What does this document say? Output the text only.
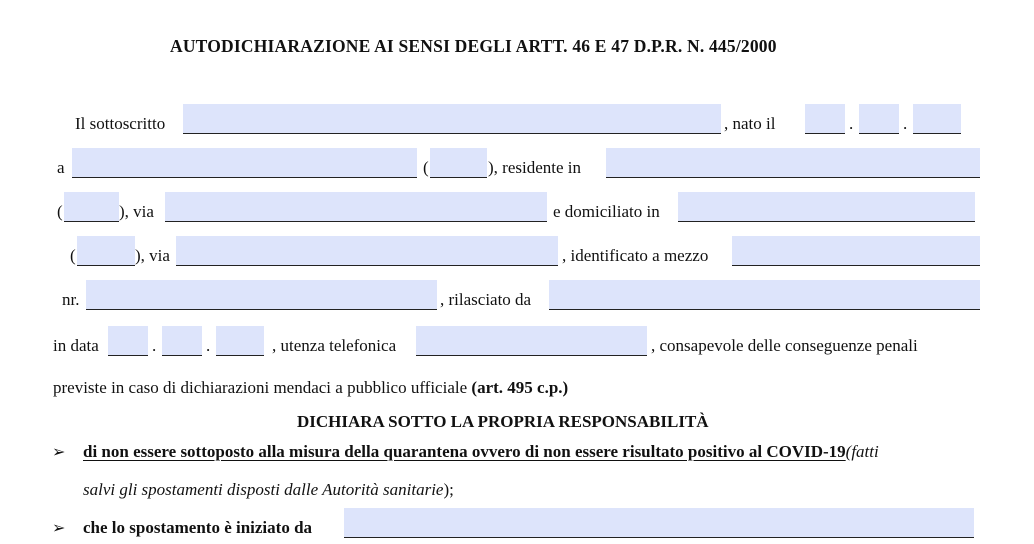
AUTODICHIARAZIONE AI SENSI DEGLI ARTT. 46 E 47 D.P.R. N. 445/2000
Il sottoscritto	, nato il	.	.
a	(	), residente in
(	), via	e domiciliato in
(	), via	, identificato a mezzo
nr.	, rilasciato da
in data	.	.	, utenza telefonica	, consapevole delle conseguenze penali
previste in caso di dichiarazioni mendaci a pubblico ufficiale (art. 495 c.p.)
DICHIARA SOTTO LA PROPRIA RESPONSABILITÀ
➢ di non essere sottoposto alla misura della quarantena ovvero di non essere risultato positivo al COVID-19(fatti
salvi gli spostamenti disposti dalle Autorità sanitarie);
➢ che lo spostamento è iniziato da
